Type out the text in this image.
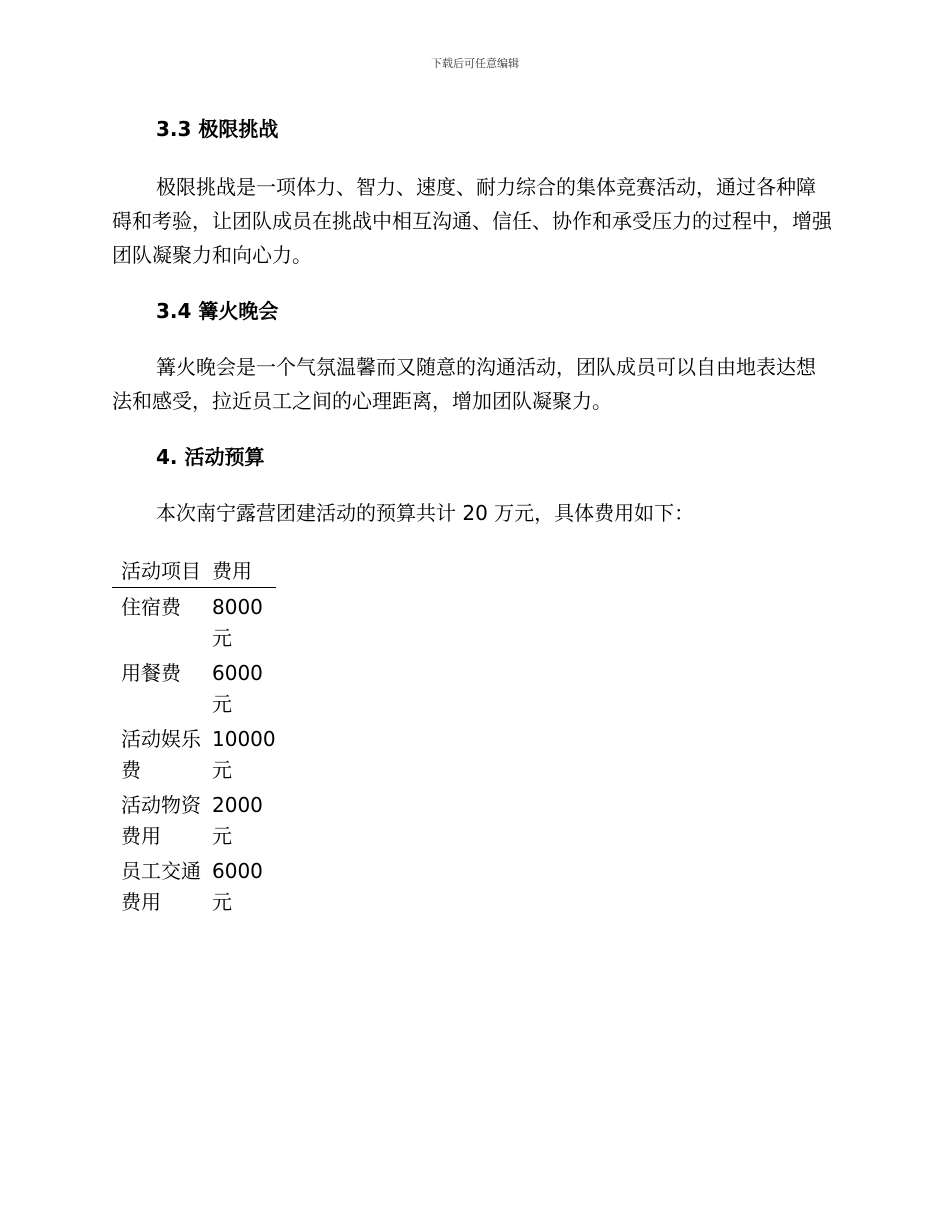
下载后可任意编辑
3.3 极限挑战

极限挑战是一项体力、智力、速度、耐力综合的集体竞赛活动，通过各种障碍和考验，让团队成员在挑战中相互沟通、信任、协作和承受压力的过程中，增强团队凝聚力和向心力。

3.4 篝火晚会

篝火晚会是一个气氛温馨而又随意的沟通活动，团队成员可以自由地表达想法和感受，拉近员工之间的心理距离，增加团队凝聚力。

4. 活动预算

本次南宁露营团建活动的预算共计 20 万元，具体费用如下：

活动项目	费用
住宿费	8000元
用餐费	6000元
活动娱乐费	10000元
活动物资费用	2000元
员工交通费用	6000元
